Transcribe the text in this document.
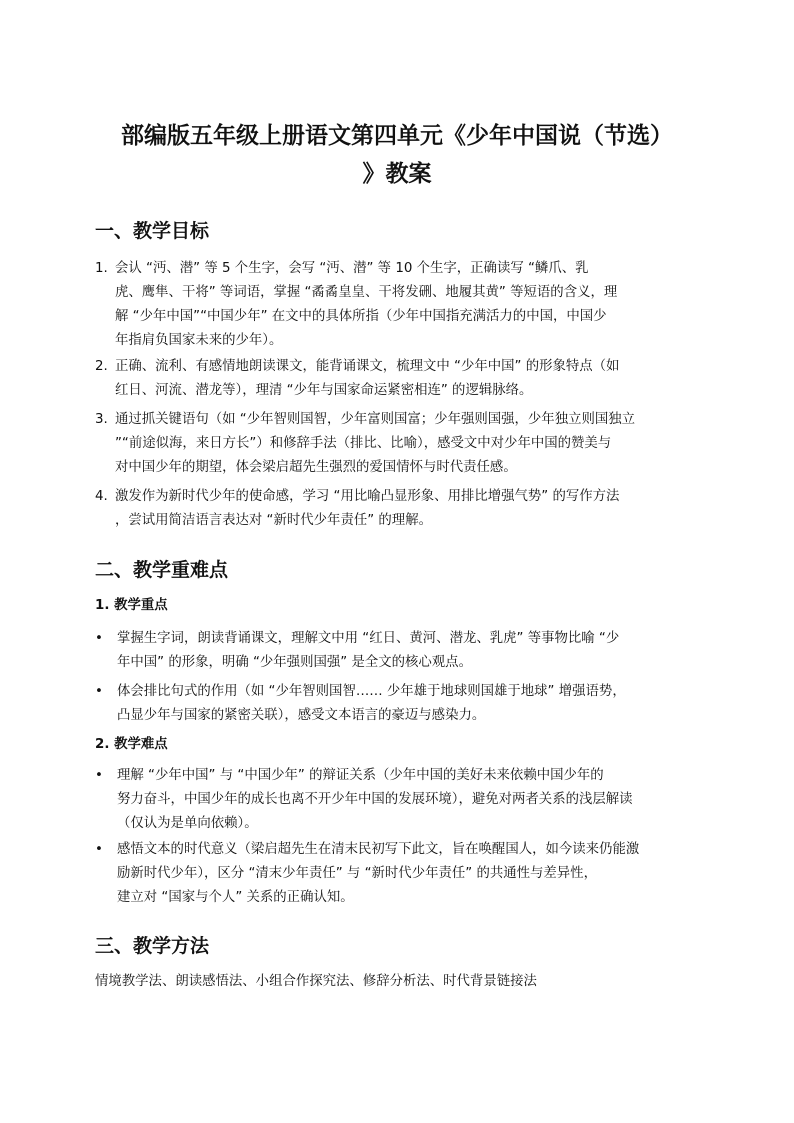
部编版五年级上册语文第四单元《少年中国说（节选）
》教案
一、教学目标
1. 会认 “沔、潜” 等 5 个生字，会写 “沔、潜” 等 10 个生字，正确读写 “鳞爪、乳
虎、鹰隼、干将” 等词语，掌握 “矞矞皇皇、干将发硎、地履其黄” 等短语的含义，理
解 “少年中国”“中国少年” 在文中的具体所指（少年中国指充满活力的中国，中国少
年指肩负国家未来的少年）。
2. 正确、流利、有感情地朗读课文，能背诵课文，梳理文中 “少年中国” 的形象特点（如
红日、河流、潜龙等），理清 “少年与国家命运紧密相连” 的逻辑脉络。
3. 通过抓关键语句（如 “少年智则国智，少年富则国富；少年强则国强，少年独立则国独立
”“前途似海，来日方长”）和修辞手法（排比、比喻），感受文中对少年中国的赞美与
对中国少年的期望，体会梁启超先生强烈的爱国情怀与时代责任感。
4. 激发作为新时代少年的使命感，学习 “用比喻凸显形象、用排比增强气势” 的写作方法
，尝试用简洁语言表达对 “新时代少年责任” 的理解。
二、教学重难点
1. 教学重点
• 掌握生字词，朗读背诵课文，理解文中用 “红日、黄河、潜龙、乳虎” 等事物比喻 “少
年中国” 的形象，明确 “少年强则国强” 是全文的核心观点。
• 体会排比句式的作用（如 “少年智则国智…… 少年雄于地球则国雄于地球” 增强语势，
凸显少年与国家的紧密关联），感受文本语言的豪迈与感染力。
2. 教学难点
• 理解 “少年中国” 与 “中国少年” 的辩证关系（少年中国的美好未来依赖中国少年的
努力奋斗，中国少年的成长也离不开少年中国的发展环境），避免对两者关系的浅层解读
（仅认为是单向依赖）。
• 感悟文本的时代意义（梁启超先生在清末民初写下此文，旨在唤醒国人，如今读来仍能激
励新时代少年），区分 “清末少年责任” 与 “新时代少年责任” 的共通性与差异性，
建立对 “国家与个人” 关系的正确认知。
三、教学方法
情境教学法、朗读感悟法、小组合作探究法、修辞分析法、时代背景链接法
